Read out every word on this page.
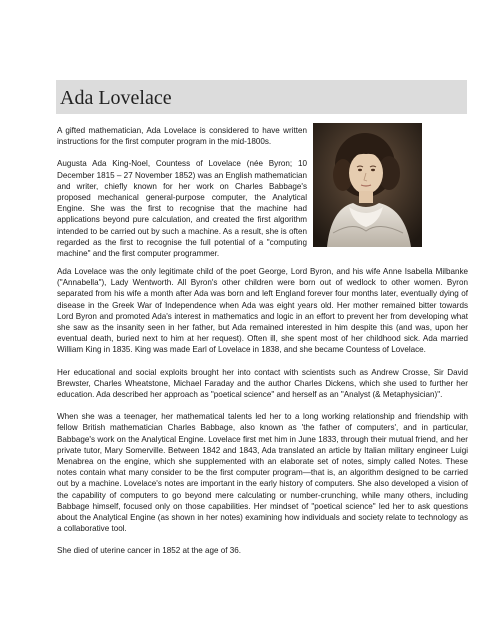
Ada Lovelace

A gifted mathematician, Ada Lovelace is considered to have written instructions for the first computer program in the mid-1800s.

Augusta Ada King-Noel, Countess of Lovelace (née Byron; 10 December 1815 – 27 November 1852) was an English mathematician and writer, chiefly known for her work on Charles Babbage's proposed mechanical general-purpose computer, the Analytical Engine. She was the first to recognise that the machine had applications beyond pure calculation, and created the first algorithm intended to be carried out by such a machine. As a result, she is often regarded as the first to recognise the full potential of a "computing machine" and the first computer programmer.

Ada Lovelace was the only legitimate child of the poet George, Lord Byron, and his wife Anne Isabella Milbanke ("Annabella"), Lady Wentworth. All Byron's other children were born out of wedlock to other women. Byron separated from his wife a month after Ada was born and left England forever four months later, eventually dying of disease in the Greek War of Independence when Ada was eight years old. Her mother remained bitter towards Lord Byron and promoted Ada's interest in mathematics and logic in an effort to prevent her from developing what she saw as the insanity seen in her father, but Ada remained interested in him despite this (and was, upon her eventual death, buried next to him at her request). Often ill, she spent most of her childhood sick. Ada married William King in 1835. King was made Earl of Lovelace in 1838, and she became Countess of Lovelace.

Her educational and social exploits brought her into contact with scientists such as Andrew Crosse, Sir David Brewster, Charles Wheatstone, Michael Faraday and the author Charles Dickens, which she used to further her education. Ada described her approach as "poetical science" and herself as an "Analyst (& Metaphysician)".

When she was a teenager, her mathematical talents led her to a long working relationship and friendship with fellow British mathematician Charles Babbage, also known as 'the father of computers', and in particular, Babbage's work on the Analytical Engine. Lovelace first met him in June 1833, through their mutual friend, and her private tutor, Mary Somerville. Between 1842 and 1843, Ada translated an article by Italian military engineer Luigi Menabrea on the engine, which she supplemented with an elaborate set of notes, simply called Notes. These notes contain what many consider to be the first computer program—that is, an algorithm designed to be carried out by a machine. Lovelace's notes are important in the early history of computers. She also developed a vision of the capability of computers to go beyond mere calculating or number-crunching, while many others, including Babbage himself, focused only on those capabilities. Her mindset of "poetical science" led her to ask questions about the Analytical Engine (as shown in her notes) examining how individuals and society relate to technology as a collaborative tool.

She died of uterine cancer in 1852 at the age of 36.
